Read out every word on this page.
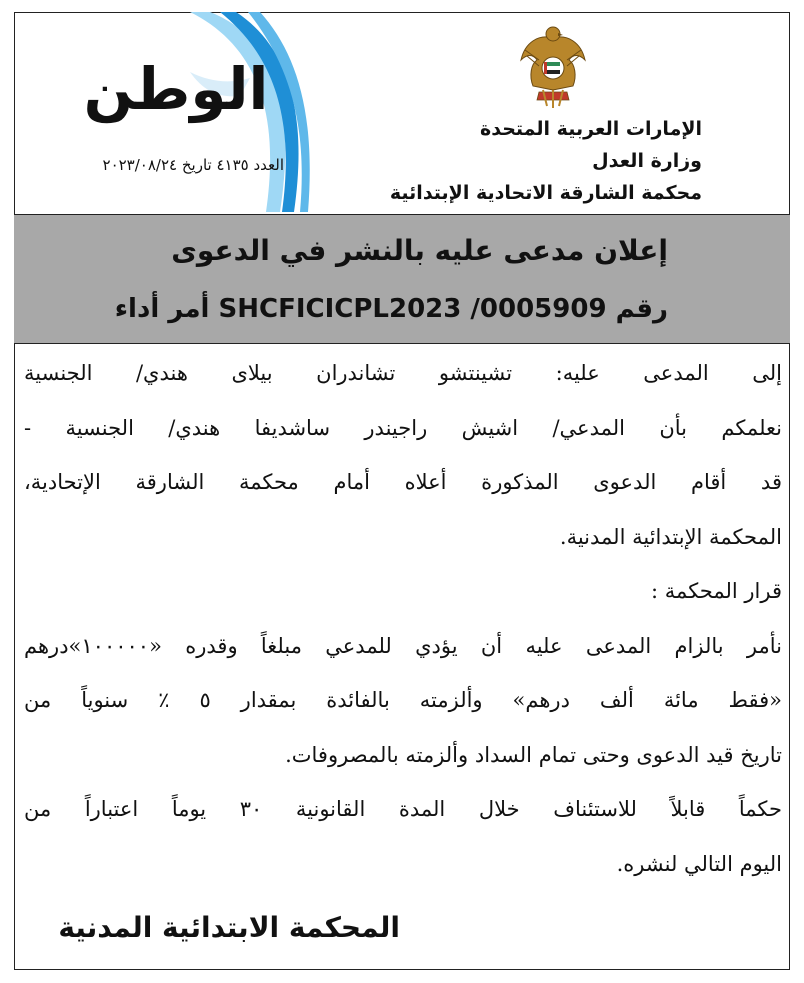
الإمارات العربية المتحدة
وزارة العدل
محكمة الشارقة الاتحادية الإبتدائية
الوطن
العدد ٤١٣٥ تاريخ ٢٠٢٣/٠٨/٢٤
إعلان مدعى عليه بالنشر في الدعوى
رقم SHCFICICPL2023 /0005909 أمر أداء
إلى المدعى عليه: تشينتشو تشاندران بيلاى هندي/ الجنسية
نعلمكم بأن المدعي/ اشيش راجيندر ساشديفا هندي/ الجنسية -
قد أقام الدعوى المذكورة أعلاه أمام محكمة الشارقة الإتحادية،
المحكمة الإبتدائية المدنية.
قرار المحكمة :
نأمر بالزام المدعى عليه أن يؤدي للمدعي مبلغاً وقدره «١٠٠٠٠٠»درهم
«فقط مائة ألف درهم» وألزمته بالفائدة بمقدار ٥ ٪ سنوياً من
تاريخ قيد الدعوى وحتى تمام السداد وألزمته بالمصروفات.
حكماً قابلاً للاستئناف خلال المدة القانونية ٣٠ يوماً اعتباراً من
اليوم التالي لنشره.
المحكمة الابتدائية المدنية
